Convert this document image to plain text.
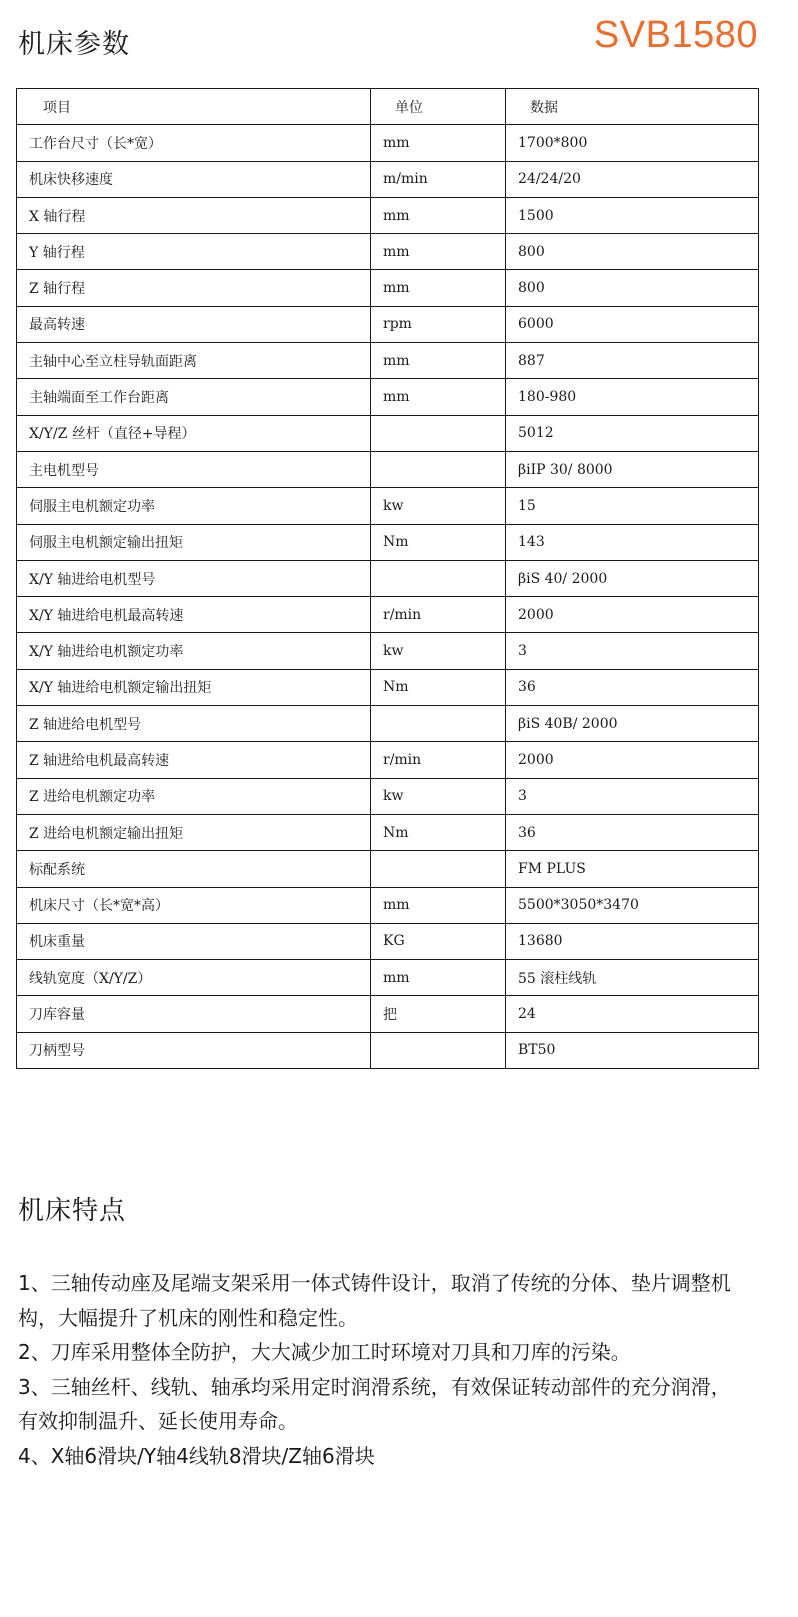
机床参数	SVB1580
项目	单位	数据
工作台尺寸（长*宽）	mm	1700*800
机床快移速度	m/min	24/24/20
X 轴行程	mm	1500
Y 轴行程	mm	800
Z 轴行程	mm	800
最高转速	rpm	6000
主轴中心至立柱导轨面距离	mm	887
主轴端面至工作台距离	mm	180-980
X/Y/Z 丝杆（直径+导程）		5012
主电机型号		βiIP 30/ 8000
伺服主电机额定功率	kw	15
伺服主电机额定输出扭矩	Nm	143
X/Y 轴进给电机型号		βiS 40/ 2000
X/Y 轴进给电机最高转速	r/min	2000
X/Y 轴进给电机额定功率	kw	3
X/Y 轴进给电机额定输出扭矩	Nm	36
Z 轴进给电机型号		βiS 40B/ 2000
Z 轴进给电机最高转速	r/min	2000
Z 进给电机额定功率	kw	3
Z 进给电机额定输出扭矩	Nm	36
标配系统		FM PLUS
机床尺寸（长*宽*高）	mm	5500*3050*3470
机床重量	KG	13680
线轨宽度（X/Y/Z）	mm	55 滚柱线轨
刀库容量	把	24
刀柄型号		BT50
机床特点

1、三轴传动座及尾端支架采用一体式铸件设计，取消了传统的分体、垫片调整机

构，大幅提升了机床的刚性和稳定性。

2、刀库采用整体全防护，大大减少加工时环境对刀具和刀库的污染。

3、三轴丝杆、线轨、轴承均采用定时润滑系统，有效保证转动部件的充分润滑，

有效抑制温升、延长使用寿命。

4、X轴6滑块/Y轴4线轨8滑块/Z轴6滑块
